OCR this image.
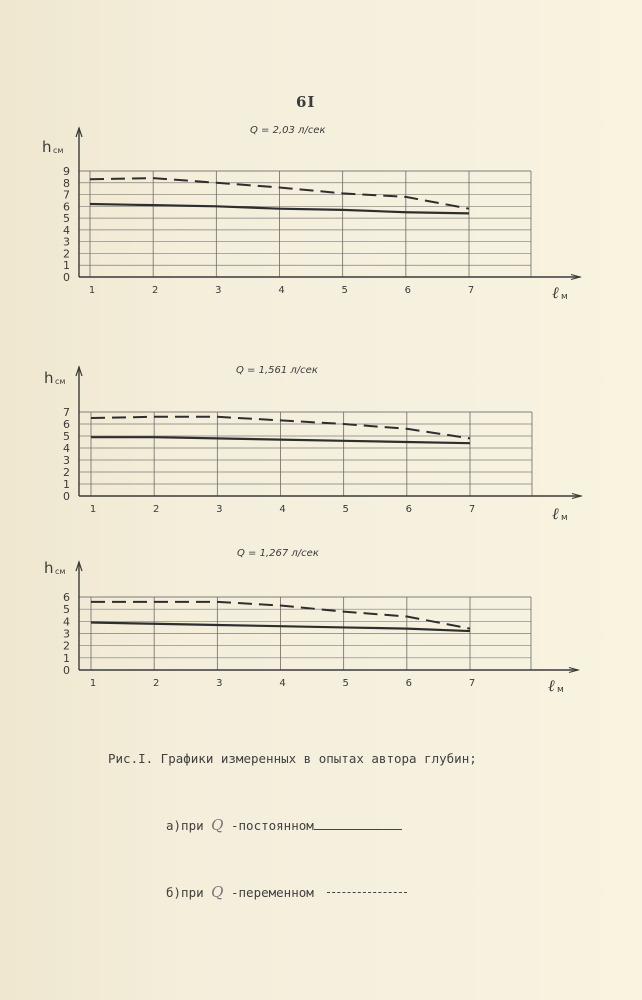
6I
0
1
2
3
4
5
6
7
8
9
1	2	3	4	5	6	7
Q = 2,03 л/сек
h см
ℓ м
0
1
2
3
4
5
6
7
1	2	3	4	5	6	7
Q = 1,561 л/сек
h см
ℓ м
0
1
2
3
4
5
6
1	2	3	4	5	6	7
Q = 1,267 л/сек
h см
ℓ м

Рис.I. Графики измеренных в опытах автора глубин;

а)при Q -постоянном

б)при Q -переменном
